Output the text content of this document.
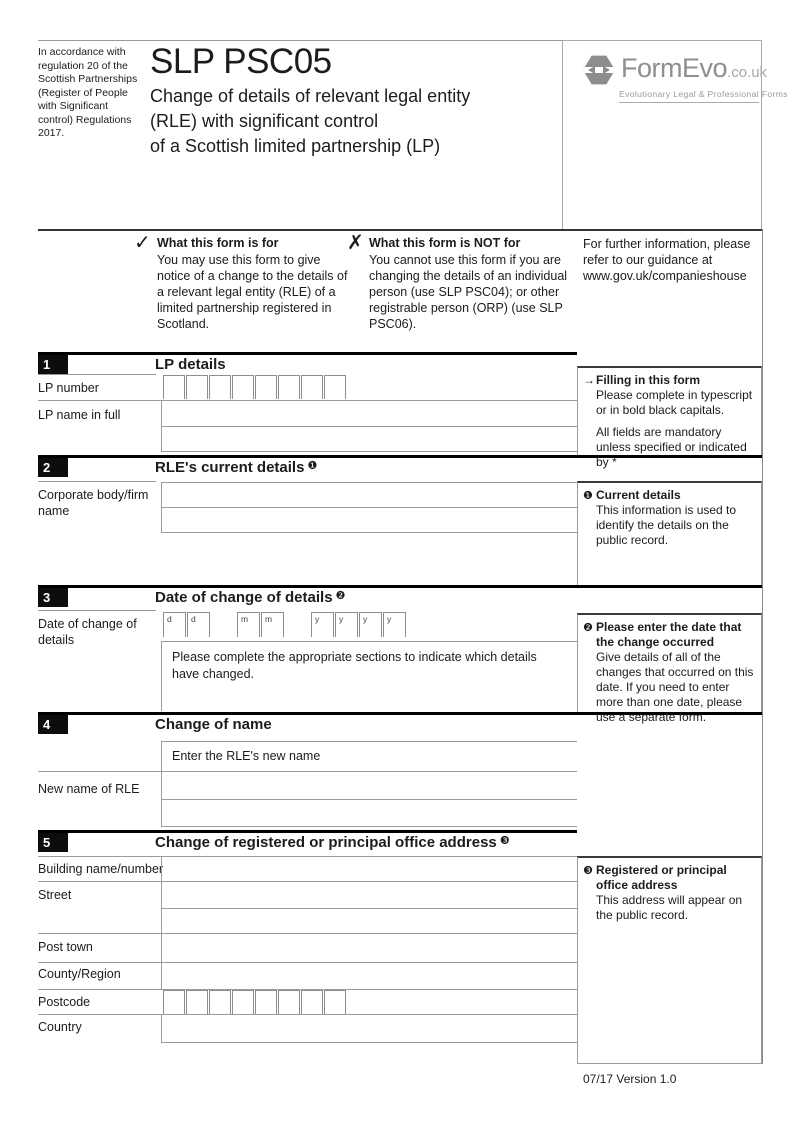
In accordance with regulation 20 of the Scottish Partnerships (Register of People with Significant control) Regulations 2017.
SLP PSC05
Change of details of relevant legal entity
(RLE) with significant control
of a Scottish limited partnership (LP)
FormEvo.co.uk
Evolutionary Legal & Professional Forms
✓ What this form is for
You may use this form to give notice of a change to the details of a relevant legal entity (RLE) of a limited partnership registered in Scotland.
✗ What this form is NOT for
You cannot use this form if you are changing the details of an individual person (use SLP PSC04); or other registrable person (ORP) (use SLP PSC06).
For further information, please refer to our guidance at www.gov.uk/companieshouse
1	LP details
LP number
LP name in full
2	RLE's current details $^❶$
Corporate body/firm name
3	Date of change of details $^❷$
Date of change of details
d	d	m	m	y	y	y	y
Please complete the appropriate sections to indicate which details have changed.
4	Change of name
Enter the RLE's new name
New name of RLE
5	Change of registered or principal office address $^❸$
Building name/number
Street
Post town
County/Region
Postcode
Country
→ Filling in this form
Please complete in typescript or in bold black capitals.
All fields are mandatory unless specified or indicated by *
❶ Current details
This information is used to identify the details on the public record.
❷ Please enter the date that the change occurred
Give details of all of the changes that occurred on this date. If you need to enter more than one date, please use a separate form.
❸ Registered or principal office address
This address will appear on the public record.
07/17 Version 1.0
